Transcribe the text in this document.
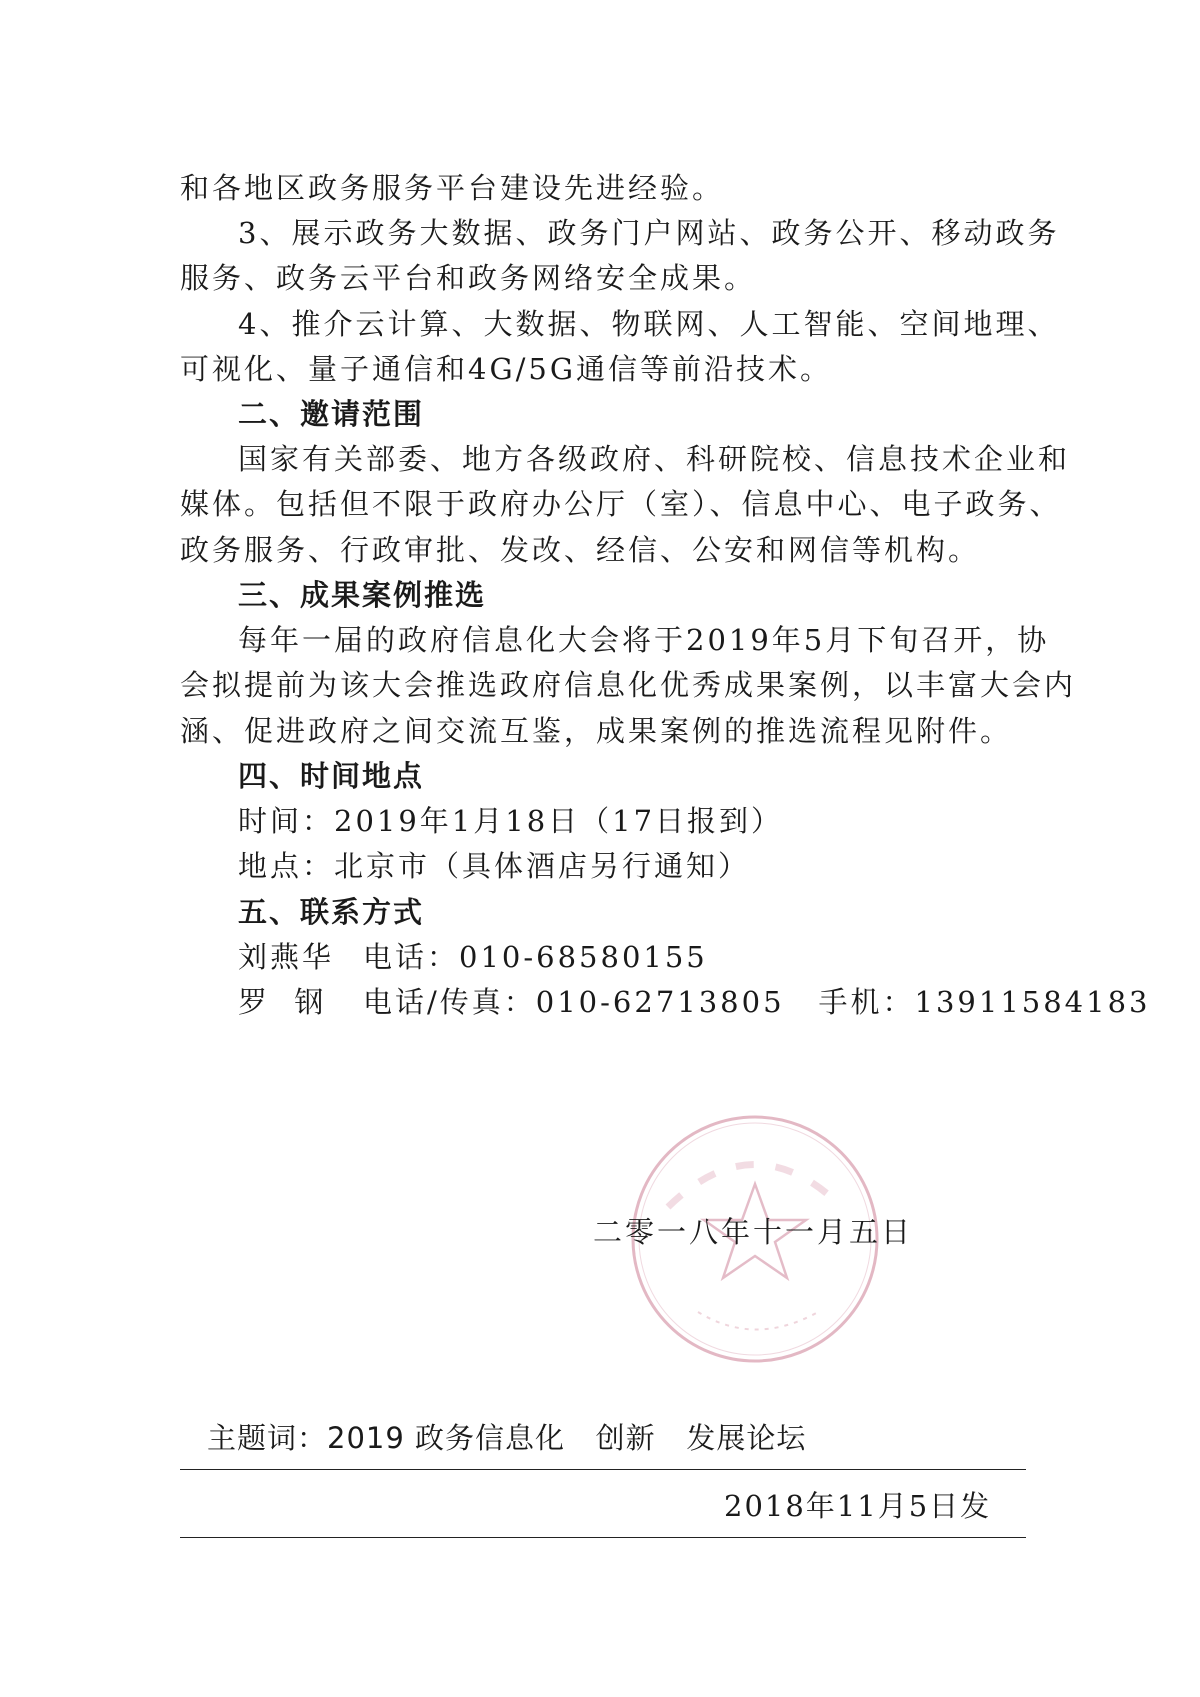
和各地区政务服务平台建设先进经验。
3、展示政务大数据、政务门户网站、政务公开、移动政务
服务、政务云平台和政务网络安全成果。
4、推介云计算、大数据、物联网、人工智能、空间地理、
可视化、量子通信和4G/5G通信等前沿技术。
二、邀请范围
国家有关部委、地方各级政府、科研院校、信息技术企业和
媒体。包括但不限于政府办公厅（室）、信息中心、电子政务、
政务服务、行政审批、发改、经信、公安和网信等机构。
三、成果案例推选
每年一届的政府信息化大会将于2019年5月下旬召开，协
会拟提前为该大会推选政府信息化优秀成果案例，以丰富大会内
涵、促进政府之间交流互鉴，成果案例的推选流程见附件。
四、时间地点
时间：2019年1月18日（17日报到）
地点：北京市（具体酒店另行通知）
五、联系方式
刘燕华 电话：010-68580155
罗  钢 电话/传真：010-62713805 手机：13911584183
二零一八年十一月五日
主题词：2019 政务信息化   创新   发展论坛
2018年11月5日发
